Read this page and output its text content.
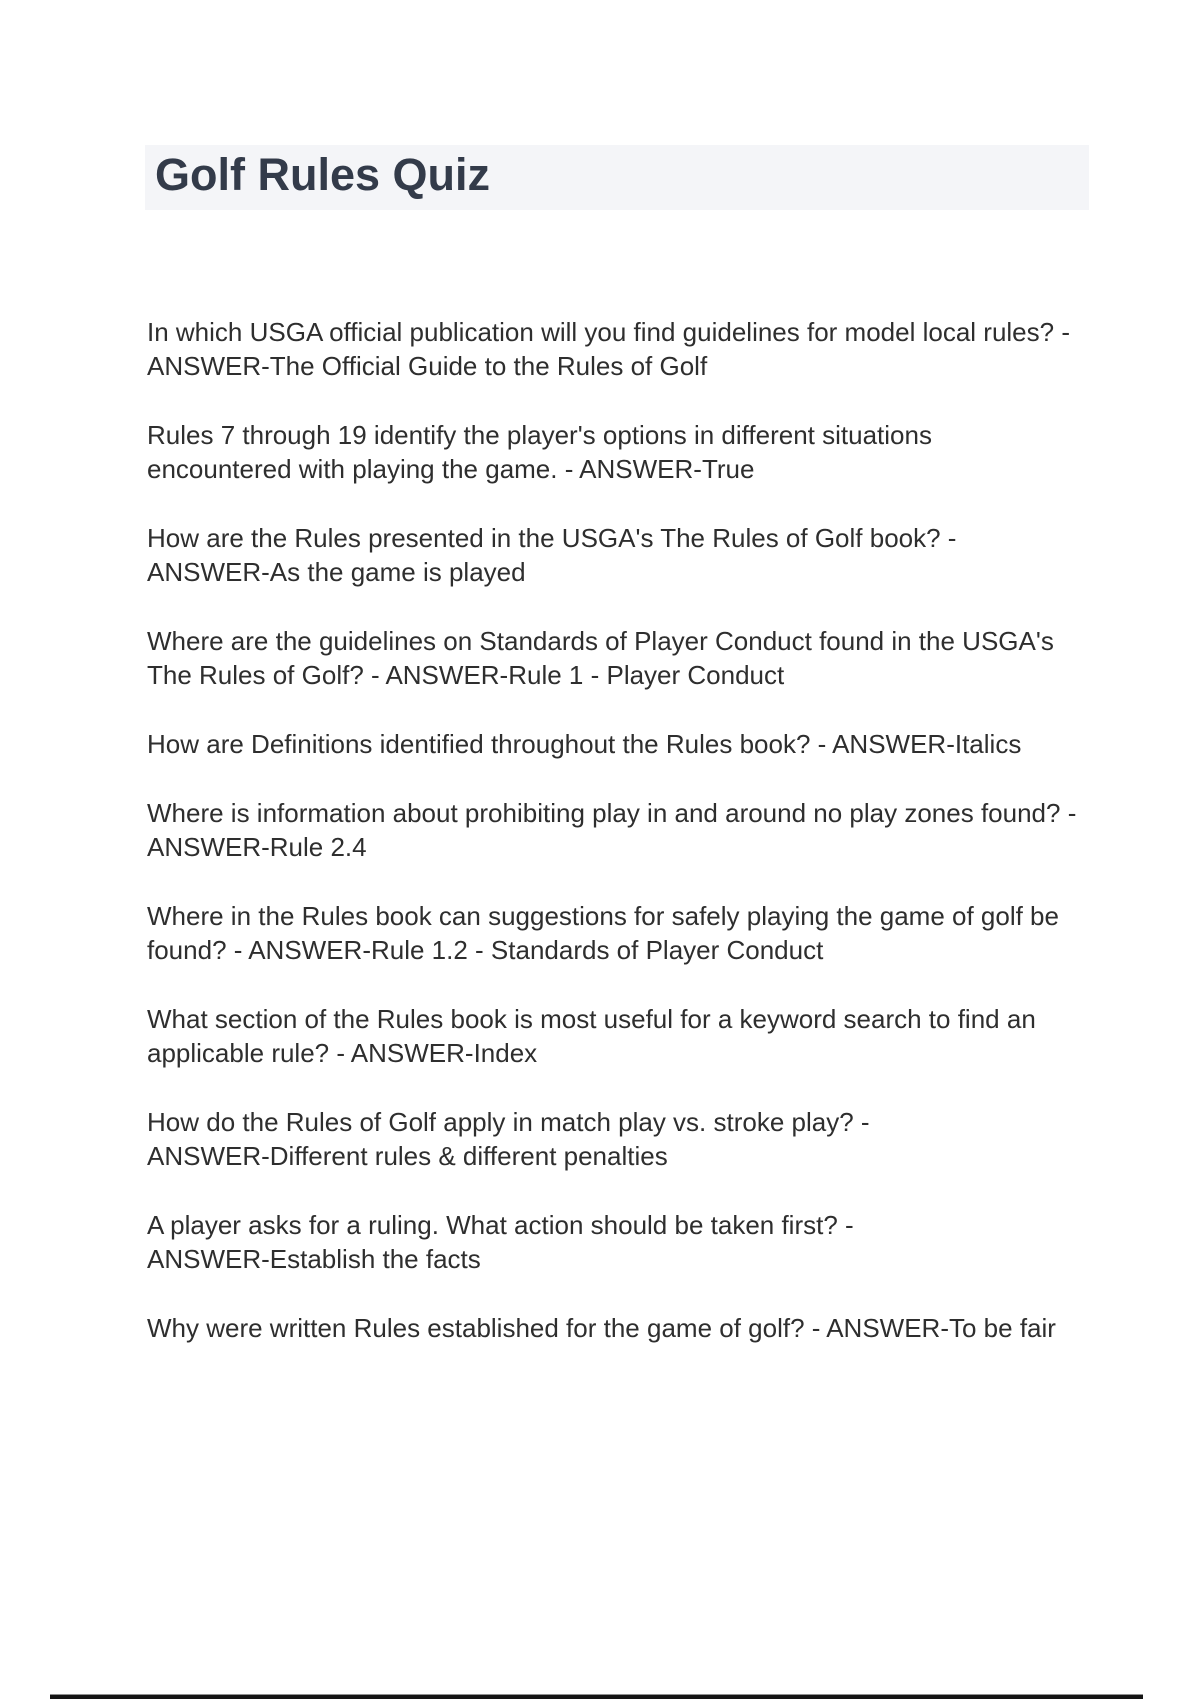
Golf Rules Quiz

In which USGA official publication will you find guidelines for model local rules? -
ANSWER-The Official Guide to the Rules of Golf

Rules 7 through 19 identify the player's options in different situations
encountered with playing the game. - ANSWER-True

How are the Rules presented in the USGA's The Rules of Golf book? -
ANSWER-As the game is played

Where are the guidelines on Standards of Player Conduct found in the USGA's
The Rules of Golf? - ANSWER-Rule 1 - Player Conduct

How are Definitions identified throughout the Rules book? - ANSWER-Italics

Where is information about prohibiting play in and around no play zones found? -
ANSWER-Rule 2.4

Where in the Rules book can suggestions for safely playing the game of golf be
found? - ANSWER-Rule 1.2 - Standards of Player Conduct

What section of the Rules book is most useful for a keyword search to find an
applicable rule? - ANSWER-Index

How do the Rules of Golf apply in match play vs. stroke play? -
ANSWER-Different rules & different penalties

A player asks for a ruling. What action should be taken first? -
ANSWER-Establish the facts

Why were written Rules established for the game of golf? - ANSWER-To be fair
